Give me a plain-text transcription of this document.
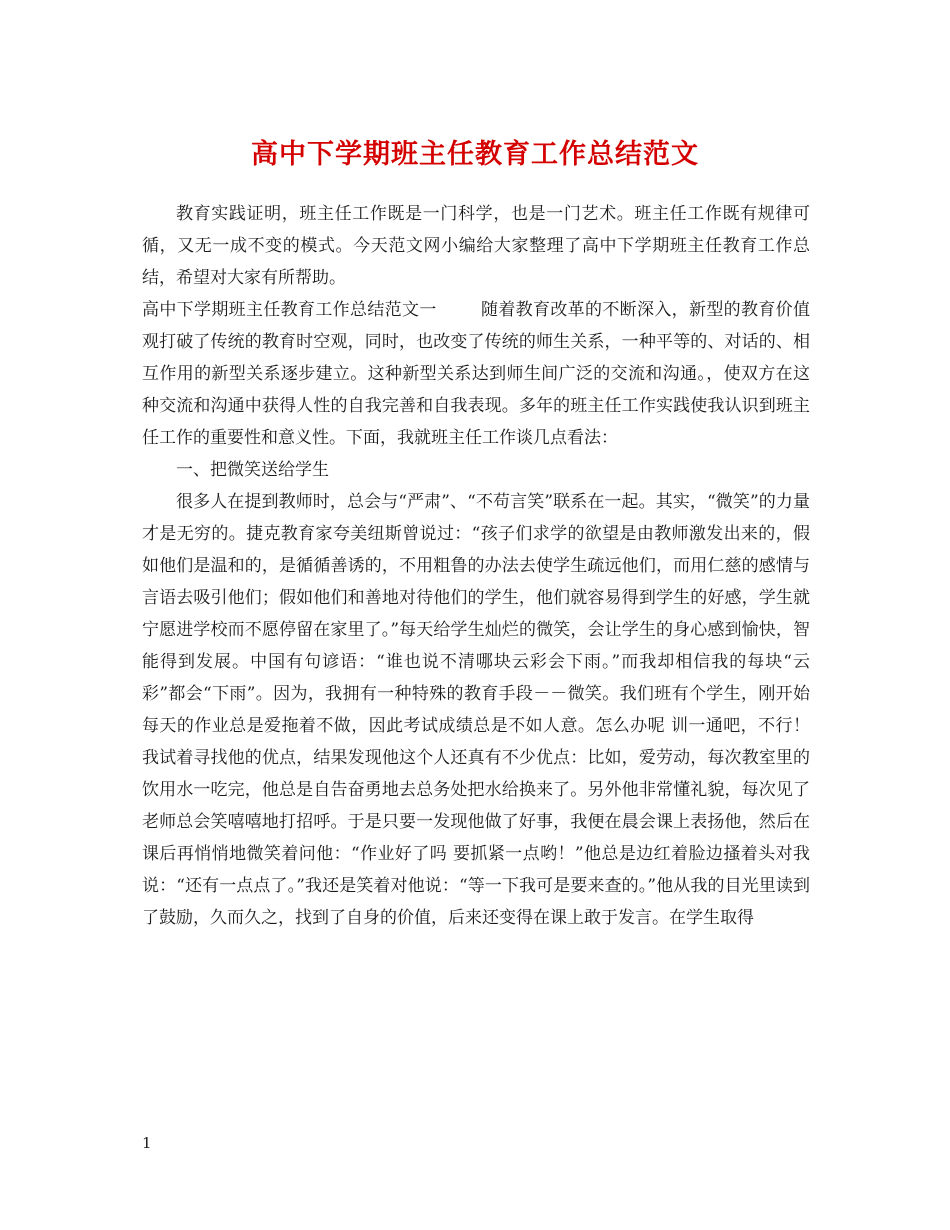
高中下学期班主任教育工作总结范文

教育实践证明，班主任工作既是一门科学，也是一门艺术。班主任工作既有规律可循，又无一成不变的模式。今天范文网小编给大家整理了高中下学期班主任教育工作总结，希望对大家有所帮助。

高中下学期班主任教育工作总结范文一	随着教育改革的不断深入，新型的教育价值观打破了传统的教育时空观，同时，也改变了传统的师生关系，一种平等的、对话的、相互作用的新型关系逐步建立。这种新型关系达到师生间广泛的交流和沟通。，使双方在这种交流和沟通中获得人性的自我完善和自我表现。多年的班主任工作实践使我认识到班主任工作的重要性和意义性。下面，我就班主任工作谈几点看法：

一、把微笑送给学生

很多人在提到教师时，总会与“严肃”、“不苟言笑”联系在一起。其实，“微笑”的力量才是无穷的。捷克教育家夸美纽斯曾说过：“孩子们求学的欲望是由教师激发出来的，假如他们是温和的，是循循善诱的，不用粗鲁的办法去使学生疏远他们，而用仁慈的感情与言语去吸引他们；假如他们和善地对待他们的学生，他们就容易得到学生的好感，学生就宁愿进学校而不愿停留在家里了。”每天给学生灿烂的微笑，会让学生的身心感到愉快，智能得到发展。中国有句谚语：“谁也说不清哪块云彩会下雨。”而我却相信我的每块“云彩”都会“下雨”。因为，我拥有一种特殊的教育手段－－微笑。我们班有个学生，刚开始每天的作业总是爱拖着不做，因此考试成绩总是不如人意。怎么办呢 训一通吧，不行！我试着寻找他的优点，结果发现他这个人还真有不少优点：比如，爱劳动，每次教室里的饮用水一吃完，他总是自告奋勇地去总务处把水给换来了。另外他非常懂礼貌，每次见了老师总会笑嘻嘻地打招呼。于是只要一发现他做了好事，我便在晨会课上表扬他，然后在课后再悄悄地微笑着问他：“作业好了吗 要抓紧一点哟！”他总是边红着脸边搔着头对我说：“还有一点点了。”我还是笑着对他说：“等一下我可是要来查的。”他从我的目光里读到了鼓励，久而久之，找到了自身的价值，后来还变得在课上敢于发言。在学生取得

1
